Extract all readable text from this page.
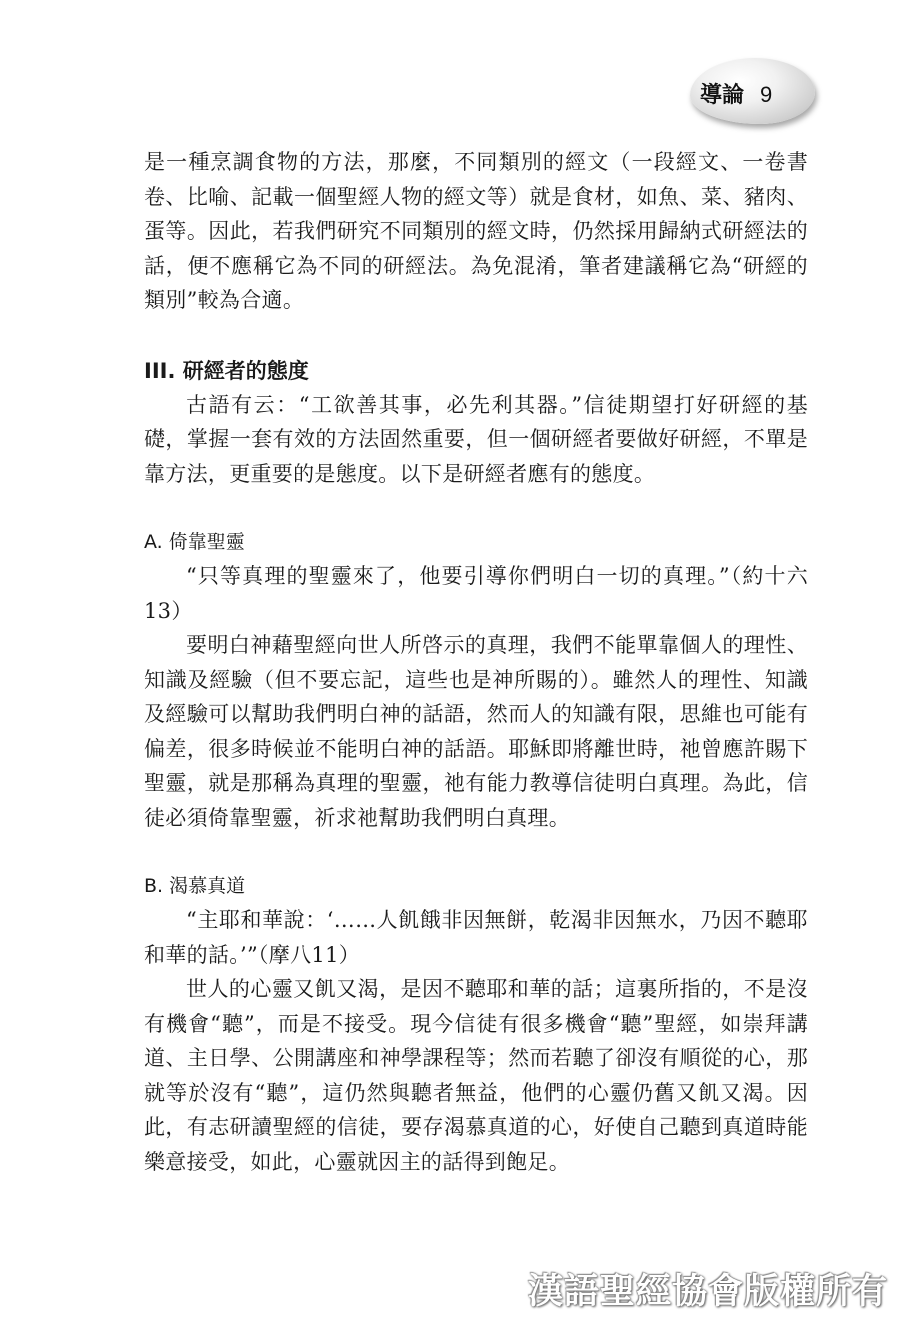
導論 9

是一種烹調食物的方法，那麼，不同類別的經文（一段經文、一卷書卷、比喻、記載一個聖經人物的經文等）就是食材，如魚、菜、豬肉、蛋等。因此，若我們研究不同類別的經文時，仍然採用歸納式研經法的話，便不應稱它為不同的研經法。為免混淆，筆者建議稱它為“研經的類別”較為合適。

III. 研經者的態度

古語有云：“工欲善其事，必先利其器。”信徒期望打好研經的基礎，掌握一套有效的方法固然重要，但一個研經者要做好研經，不單是靠方法，更重要的是態度。以下是研經者應有的態度。

A. 倚靠聖靈

“只等真理的聖靈來了，他要引導你們明白一切的真理。”（約十六13）

要明白神藉聖經向世人所啓示的真理，我們不能單靠個人的理性、知識及經驗（但不要忘記，這些也是神所賜的）。雖然人的理性、知識及經驗可以幫助我們明白神的話語，然而人的知識有限，思維也可能有偏差，很多時候並不能明白神的話語。耶穌即將離世時，祂曾應許賜下聖靈，就是那稱為真理的聖靈，祂有能力教導信徒明白真理。為此，信徒必須倚靠聖靈，祈求祂幫助我們明白真理。

B. 渴慕真道

“主耶和華說：‘……人飢餓非因無餅，乾渴非因無水，乃因不聽耶和華的話。’”（摩八11）

世人的心靈又飢又渴，是因不聽耶和華的話；這裏所指的，不是沒有機會“聽”，而是不接受。現今信徒有很多機會“聽”聖經，如崇拜講道、主日學、公開講座和神學課程等；然而若聽了卻沒有順從的心，那就等於沒有“聽”，這仍然與聽者無益，他們的心靈仍舊又飢又渴。因此，有志研讀聖經的信徒，要存渴慕真道的心，好使自己聽到真道時能樂意接受，如此，心靈就因主的話得到飽足。

漢語聖經協會版權所有
